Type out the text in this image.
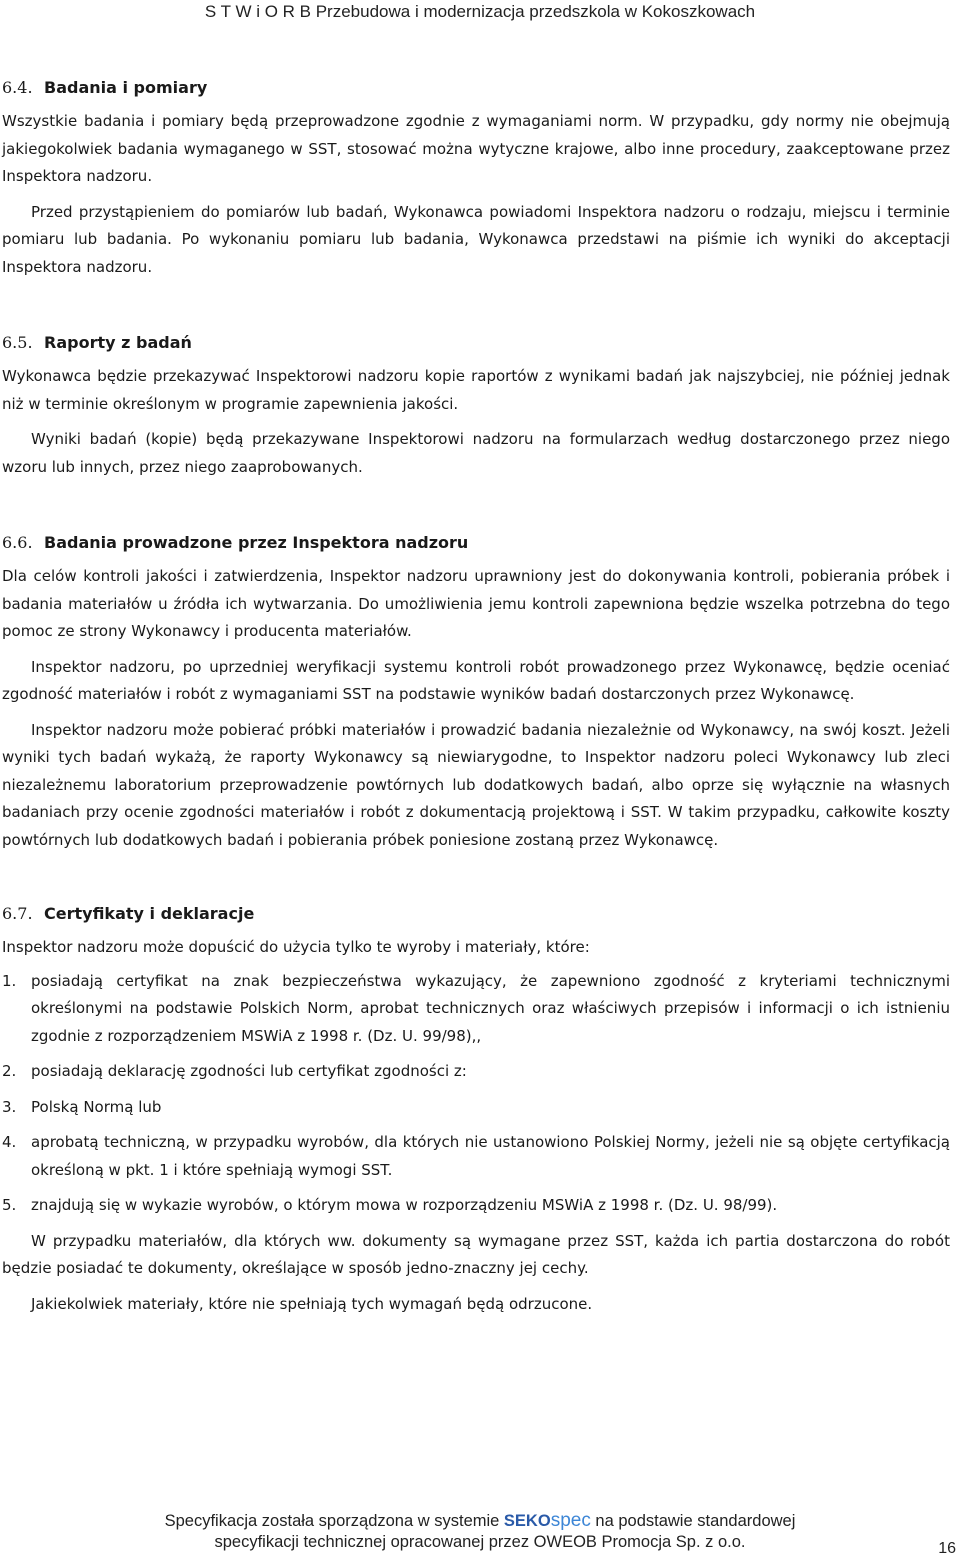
S T W i O R B Przebudowa i modernizacja przedszkola w Kokoszkowach
6.4. Badania i pomiary

Wszystkie badania i pomiary będą przeprowadzone zgodnie z wymaganiami norm. W przypadku, gdy normy nie obejmują jakiegokolwiek badania wymaganego w SST, stosować można wytyczne krajowe, albo inne procedury, zaakceptowane przez Inspektora nadzoru.

Przed przystąpieniem do pomiarów lub badań, Wykonawca powiadomi Inspektora nadzoru o rodzaju, miejscu i terminie pomiaru lub badania. Po wykonaniu pomiaru lub badania, Wykonawca przedstawi na piśmie ich wyniki do akceptacji Inspektora nadzoru.

6.5. Raporty z badań

Wykonawca będzie przekazywać Inspektorowi nadzoru kopie raportów z wynikami badań jak najszybciej, nie później jednak niż w terminie określonym w programie zapewnienia jakości.

Wyniki badań (kopie) będą przekazywane Inspektorowi nadzoru na formularzach według dostarczonego przez niego wzoru lub innych, przez niego zaaprobowanych.

6.6. Badania prowadzone przez Inspektora nadzoru

Dla celów kontroli jakości i zatwierdzenia, Inspektor nadzoru uprawniony jest do dokonywania kontroli, pobierania próbek i badania materiałów u źródła ich wytwarzania. Do umożliwienia jemu kontroli zapewniona będzie wszelka potrzebna do tego pomoc ze strony Wykonawcy i producenta materiałów.

Inspektor nadzoru, po uprzedniej weryfikacji systemu kontroli robót prowadzonego przez Wykonawcę, będzie oceniać zgodność materiałów i robót z wymaganiami SST na podstawie wyników badań dostarczonych przez Wykonawcę.

Inspektor nadzoru może pobierać próbki materiałów i prowadzić badania niezależnie od Wykonawcy, na swój koszt. Jeżeli wyniki tych badań wykażą, że raporty Wykonawcy są niewiarygodne, to Inspektor nadzoru poleci Wykonawcy lub zleci niezależnemu laboratorium przeprowadzenie powtórnych lub dodatkowych badań, albo oprze się wyłącznie na własnych badaniach przy ocenie zgodności materiałów i robót z dokumentacją projektową i SST. W takim przypadku, całkowite koszty powtórnych lub dodatkowych badań i pobierania próbek poniesione zostaną przez Wykonawcę.

6.7. Certyfikaty i deklaracje

Inspektor nadzoru może dopuścić do użycia tylko te wyroby i materiały, które:

1. posiadają certyfikat na znak bezpieczeństwa wykazujący, że zapewniono zgodność z kryteriami technicznymi określonymi na podstawie Polskich Norm, aprobat technicznych oraz właściwych przepisów i informacji o ich istnieniu zgodnie z rozporządzeniem MSWiA z 1998 r. (Dz. U. 99/98),,
2. posiadają deklarację zgodności lub certyfikat zgodności z:
3. Polską Normą lub
4. aprobatą techniczną, w przypadku wyrobów, dla których nie ustanowiono Polskiej Normy, jeżeli nie są objęte certyfikacją określoną w pkt. 1 i które spełniają wymogi SST.
5. znajdują się w wykazie wyrobów, o którym mowa w rozporządzeniu MSWiA z 1998 r. (Dz. U. 98/99).

W przypadku materiałów, dla których ww. dokumenty są wymagane przez SST, każda ich partia dostarczona do robót będzie posiadać te dokumenty, określające w sposób jedno-znaczny jej cechy.

Jakiekolwiek materiały, które nie spełniają tych wymagań będą odrzucone.

Specyfikacja została sporządzona w systemie SEKOspec na podstawie standardowej
specyfikacji technicznej opracowanej przez OWEOB Promocja Sp. z o.o.	16
